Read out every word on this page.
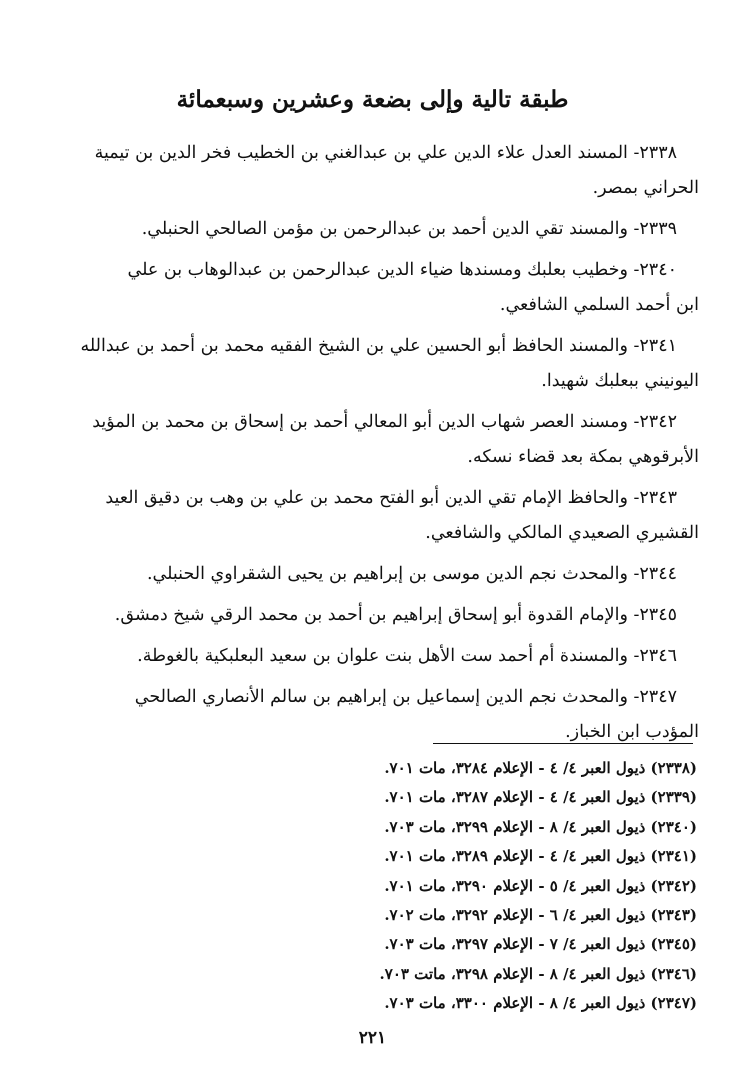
طبقة تالية وإلى بضعة وعشرين وسبعمائة

٢٣٣٨- المسند العدل علاء الدين علي بن عبدالغني بن الخطيب فخر الدين بن تيمية
الحراني بمصر.

٢٣٣٩- والمسند تقي الدين أحمد بن عبدالرحمن بن مؤمن الصالحي الحنبلي.

٢٣٤٠- وخطيب بعلبك ومسندها ضياء الدين عبدالرحمن بن عبدالوهاب بن علي
ابن أحمد السلمي الشافعي.

٢٣٤١- والمسند الحافظ أبو الحسين علي بن الشيخ الفقيه محمد بن أحمد بن عبدالله
اليونيني ببعلبك شهيدا.

٢٣٤٢- ومسند العصر شهاب الدين أبو المعالي أحمد بن إسحاق بن محمد بن المؤيد
الأبرقوهي بمكة بعد قضاء نسكه.

٢٣٤٣- والحافظ الإمام تقي الدين أبو الفتح محمد بن علي بن وهب بن دقيق العيد
القشيري الصعيدي المالكي والشافعي.

٢٣٤٤- والمحدث نجم الدين موسى بن إبراهيم بن يحيى الشقراوي الحنبلي.

٢٣٤٥- والإمام القدوة أبو إسحاق إبراهيم بن أحمد بن محمد الرقي شيخ دمشق.

٢٣٤٦- والمسندة أم أحمد ست الأهل بنت علوان بن سعيد البعلبكية بالغوطة.

٢٣٤٧- والمحدث نجم الدين إسماعيل بن إبراهيم بن سالم الأنصاري الصالحي
المؤدب ابن الخباز.

(٢٣٣٨) ذيول العبر ٤/ ٤ - الإعلام ٣٢٨٤، مات ٧٠١.

(٢٣٣٩) ذيول العبر ٤/ ٤ - الإعلام ٣٢٨٧، مات ٧٠١.

(٢٣٤٠) ذيول العبر ٤/ ٨ - الإعلام ٣٢٩٩، مات ٧٠٣.

(٢٣٤١) ذيول العبر ٤/ ٤ - الإعلام ٣٢٨٩، مات ٧٠١.

(٢٣٤٢) ذيول العبر ٤/ ٥ - الإعلام ٣٢٩٠، مات ٧٠١.

(٢٣٤٣) ذيول العبر ٤/ ٦ - الإعلام ٣٢٩٢، مات ٧٠٢.

(٢٣٤٥) ذيول العبر ٤/ ٧ - الإعلام ٣٢٩٧، مات ٧٠٣.

(٢٣٤٦) ذيول العبر ٤/ ٨ - الإعلام ٣٢٩٨، ماتت ٧٠٣.

(٢٣٤٧) ذيول العبر ٤/ ٨ - الإعلام ٣٣٠٠، مات ٧٠٣.

٢٢١
